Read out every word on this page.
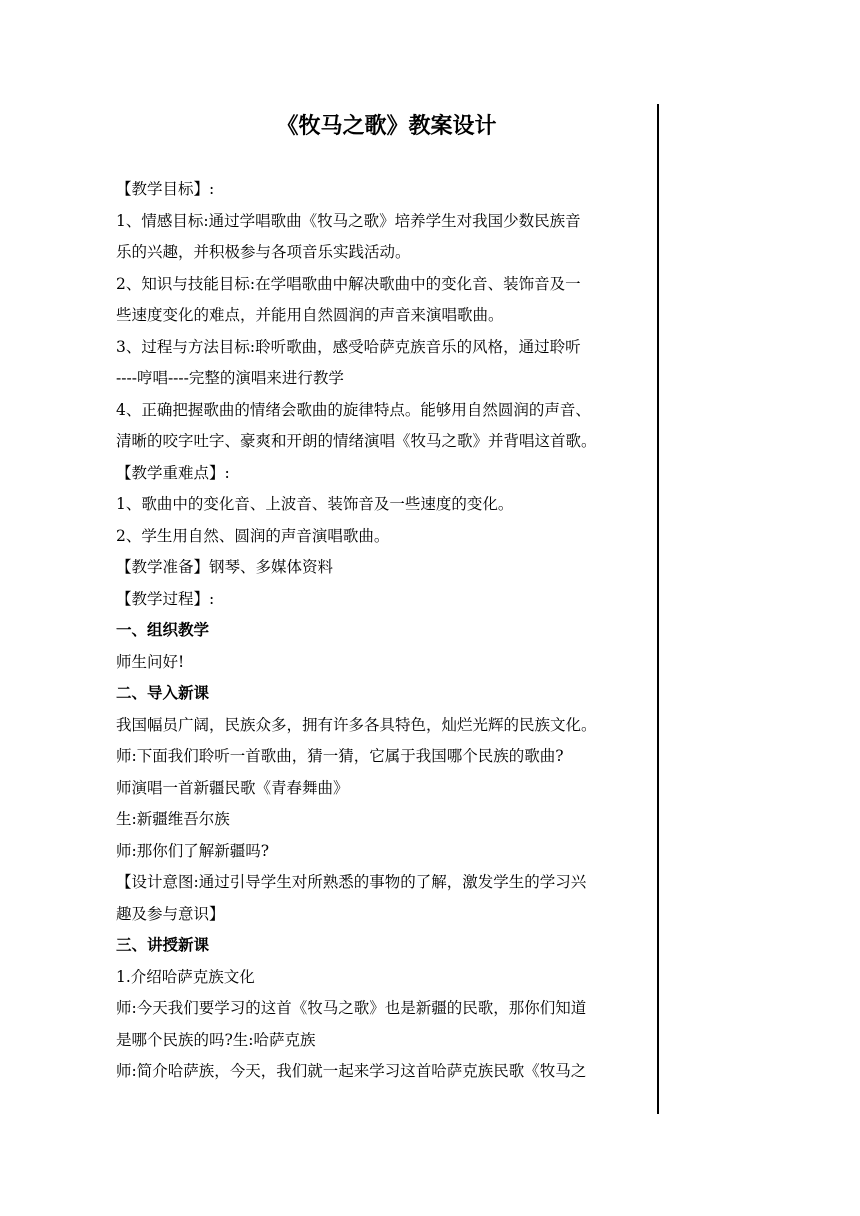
《牧马之歌》教案设计
【教学目标】:
1、情感目标:通过学唱歌曲《牧马之歌》培养学生对我国少数民族音
乐的兴趣，并积极参与各项音乐实践活动。
2、知识与技能目标:在学唱歌曲中解决歌曲中的变化音、装饰音及一
些速度变化的难点，并能用自然圆润的声音来演唱歌曲。
3、过程与方法目标:聆听歌曲，感受哈萨克族音乐的风格，通过聆听
----哼唱----完整的演唱来进行教学
4、正确把握歌曲的情绪会歌曲的旋律特点。能够用自然圆润的声音、
清晰的咬字吐字、豪爽和开朗的情绪演唱《牧马之歌》并背唱这首歌。
【教学重难点】:
1、歌曲中的变化音、上波音、装饰音及一些速度的变化。
2、学生用自然、圆润的声音演唱歌曲。
【教学准备】钢琴、多媒体资料
【教学过程】:
一、组织教学
师生问好!
二、导入新课
我国幅员广阔，民族众多，拥有许多各具特色，灿烂光辉的民族文化。
师:下面我们聆听一首歌曲，猜一猜，它属于我国哪个民族的歌曲?
师演唱一首新疆民歌《青春舞曲》
生:新疆维吾尔族
师:那你们了解新疆吗?
【设计意图:通过引导学生对所熟悉的事物的了解，激发学生的学习兴
趣及参与意识】
三、讲授新课
1.介绍哈萨克族文化
师:今天我们要学习的这首《牧马之歌》也是新疆的民歌，那你们知道
是哪个民族的吗?生:哈萨克族
师:简介哈萨族，今天，我们就一起来学习这首哈萨克族民歌《牧马之
